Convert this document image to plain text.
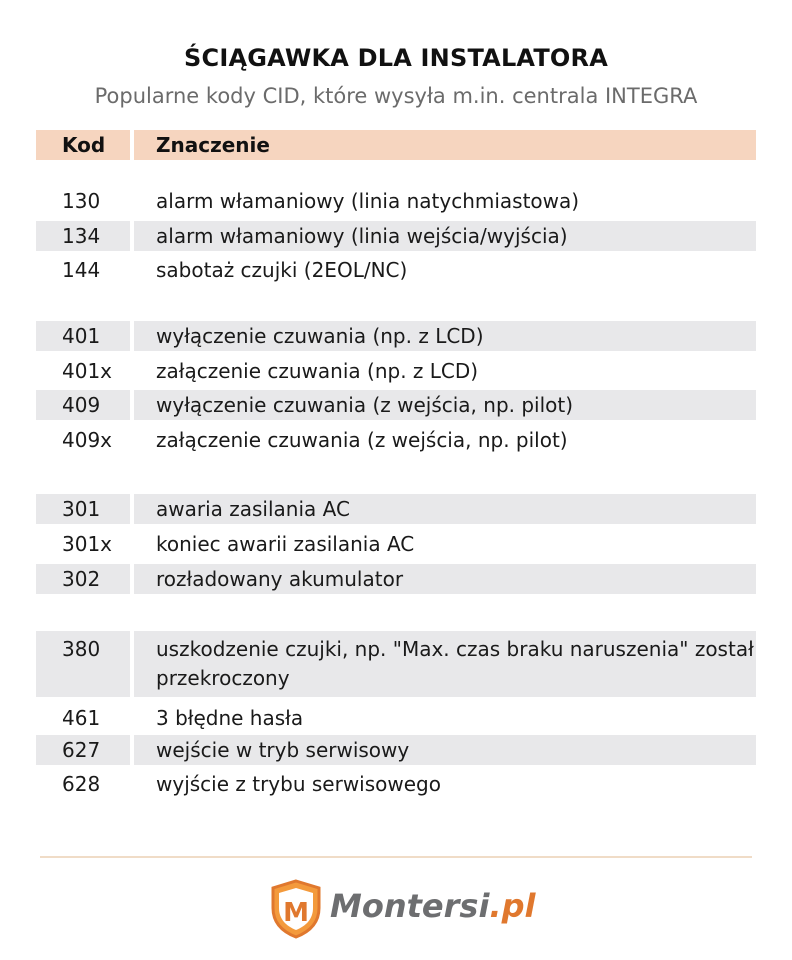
ŚCIĄGAWKA DLA INSTALATORA
Popularne kody CID, które wysyła m.in. centrala INTEGRA
Kod	Znaczenie
130	alarm włamaniowy (linia natychmiastowa)
134	alarm włamaniowy (linia wejścia/wyjścia)
144	sabotaż czujki (2EOL/NC)
401	wyłączenie czuwania (np. z LCD)
401x	załączenie czuwania (np. z LCD)
409	wyłączenie czuwania (z wejścia, np. pilot)
409x	załączenie czuwania (z wejścia, np. pilot)
301	awaria zasilania AC
301x	koniec awarii zasilania AC
302	rozładowany akumulator
380	uszkodzenie czujki, np. "Max. czas braku naruszenia" został przekroczony
461	3 błędne hasła
627	wejście w tryb serwisowy
628	wyjście z trybu serwisowego
M Montersi.pl
